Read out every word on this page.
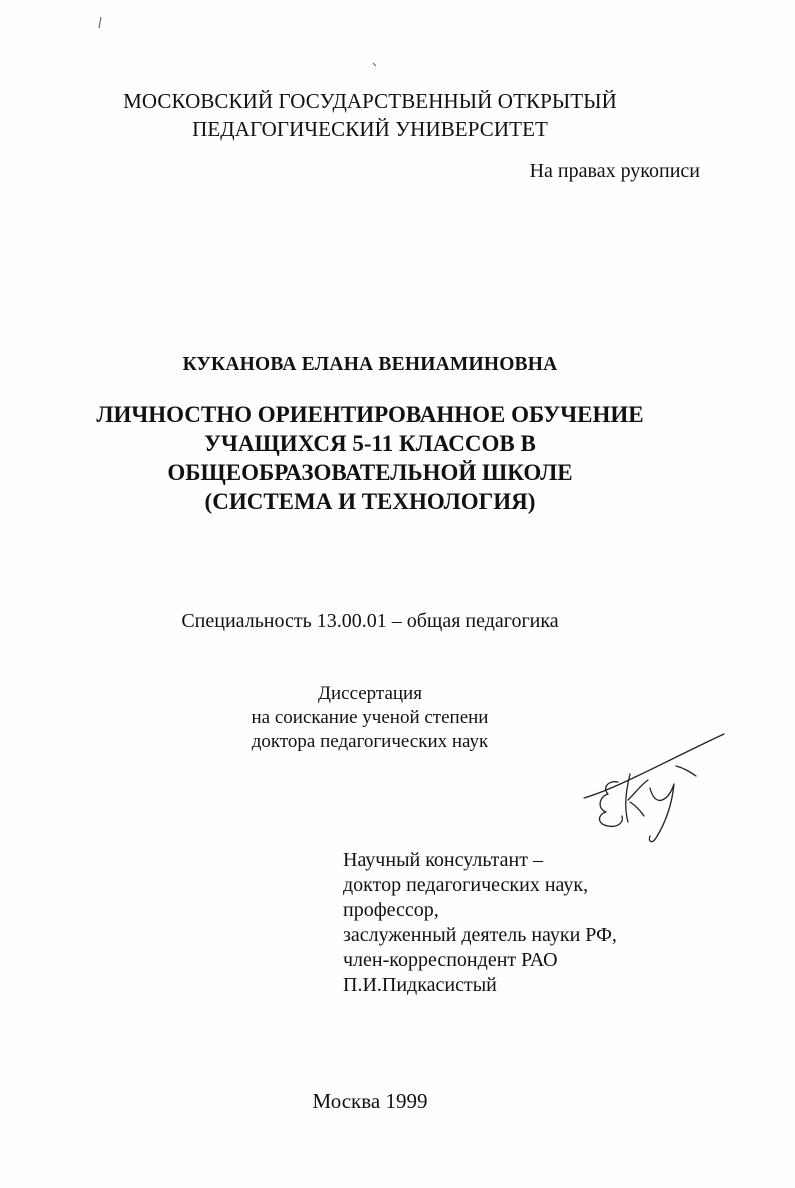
МОСКОВСКИЙ ГОСУДАРСТВЕННЫЙ ОТКРЫТЫЙ
ПЕДАГОГИЧЕСКИЙ УНИВЕРСИТЕТ
На правах рукописи
КУКАНОВА ЕЛАНА ВЕНИАМИНОВНА
ЛИЧНОСТНО ОРИЕНТИРОВАННОЕ ОБУЧЕНИЕ
УЧАЩИХСЯ 5-11 КЛАССОВ В
ОБЩЕОБРАЗОВАТЕЛЬНОЙ ШКОЛЕ
(СИСТЕМА И ТЕХНОЛОГИЯ)
Специальность 13.00.01 – общая педагогика
Диссертация
на соискание ученой степени
доктора педагогических наук
Научный консультант –
доктор педагогических наук,
профессор,
заслуженный деятель науки РФ,
член-корреспондент РАО
П.И.Пидкасистый
Москва 1999
